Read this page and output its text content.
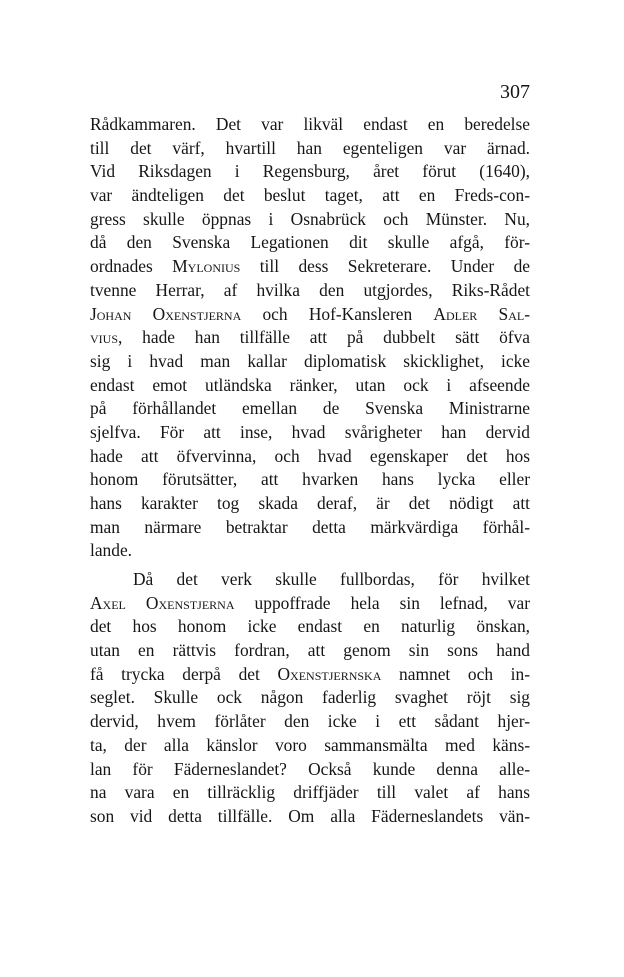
307
Rådkammaren. Det var likväl endast en beredelse
till det värf, hvartill han egenteligen var ärnad.
Vid Riksdagen i Regensburg, året förut (1640),
var ändteligen det beslut taget, att en Freds-con-
gress skulle öppnas i Osnabrück och Münster. Nu,
då den Svenska Legationen dit skulle afgå, för-
ordnades Mylonius till dess Sekreterare. Under de
tvenne Herrar, af hvilka den utgjordes, Riks-Rådet
Johan Oxenstjerna och Hof-Kansleren Adler Sal-
vius, hade han tillfälle att på dubbelt sätt öfva
sig i hvad man kallar diplomatisk skicklighet, icke
endast emot utländska ränker, utan ock i afseende
på förhållandet emellan de Svenska Ministrarne
sjelfva. För att inse, hvad svårigheter han dervid
hade att öfvervinna, och hvad egenskaper det hos
honom förutsätter, att hvarken hans lycka eller
hans karakter tog skada deraf, är det nödigt att
man närmare betraktar detta märkvärdiga förhål-
lande.
Då det verk skulle fullbordas, för hvilket
Axel Oxenstjerna uppoffrade hela sin lefnad, var
det hos honom icke endast en naturlig önskan,
utan en rättvis fordran, att genom sin sons hand
få trycka derpå det Oxenstjernska namnet och in-
seglet. Skulle ock någon faderlig svaghet röjt sig
dervid, hvem förlåter den icke i ett sådant hjer-
ta, der alla känslor voro sammansmälta med käns-
lan för Fäderneslandet? Också kunde denna alle-
na vara en tillräcklig driffjäder till valet af hans
son vid detta tillfälle. Om alla Fäderneslandets vän-
